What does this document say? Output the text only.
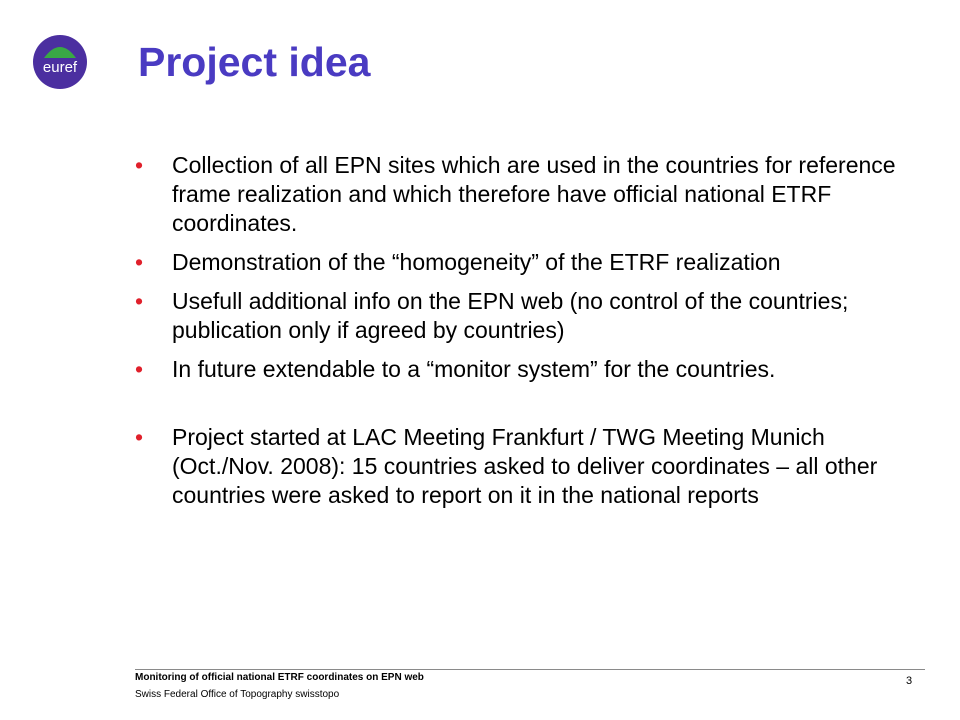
euref Project idea
• Collection of all EPN sites which are used in the countries for reference frame realization and which therefore have official national ETRF coordinates.
• Demonstration of the “homogeneity” of the ETRF realization
• Usefull additional info on the EPN web (no control of the countries; publication only if agreed by countries)
• In future extendable to a “monitor system” for the countries.
• Project started at LAC Meeting Frankfurt / TWG Meeting Munich (Oct./Nov. 2008): 15 countries asked to deliver coordinates – all other countries were asked to report on it in the national reports
Monitoring of official national ETRF coordinates on EPN web
Swiss Federal Office of Topography swisstopo
3
